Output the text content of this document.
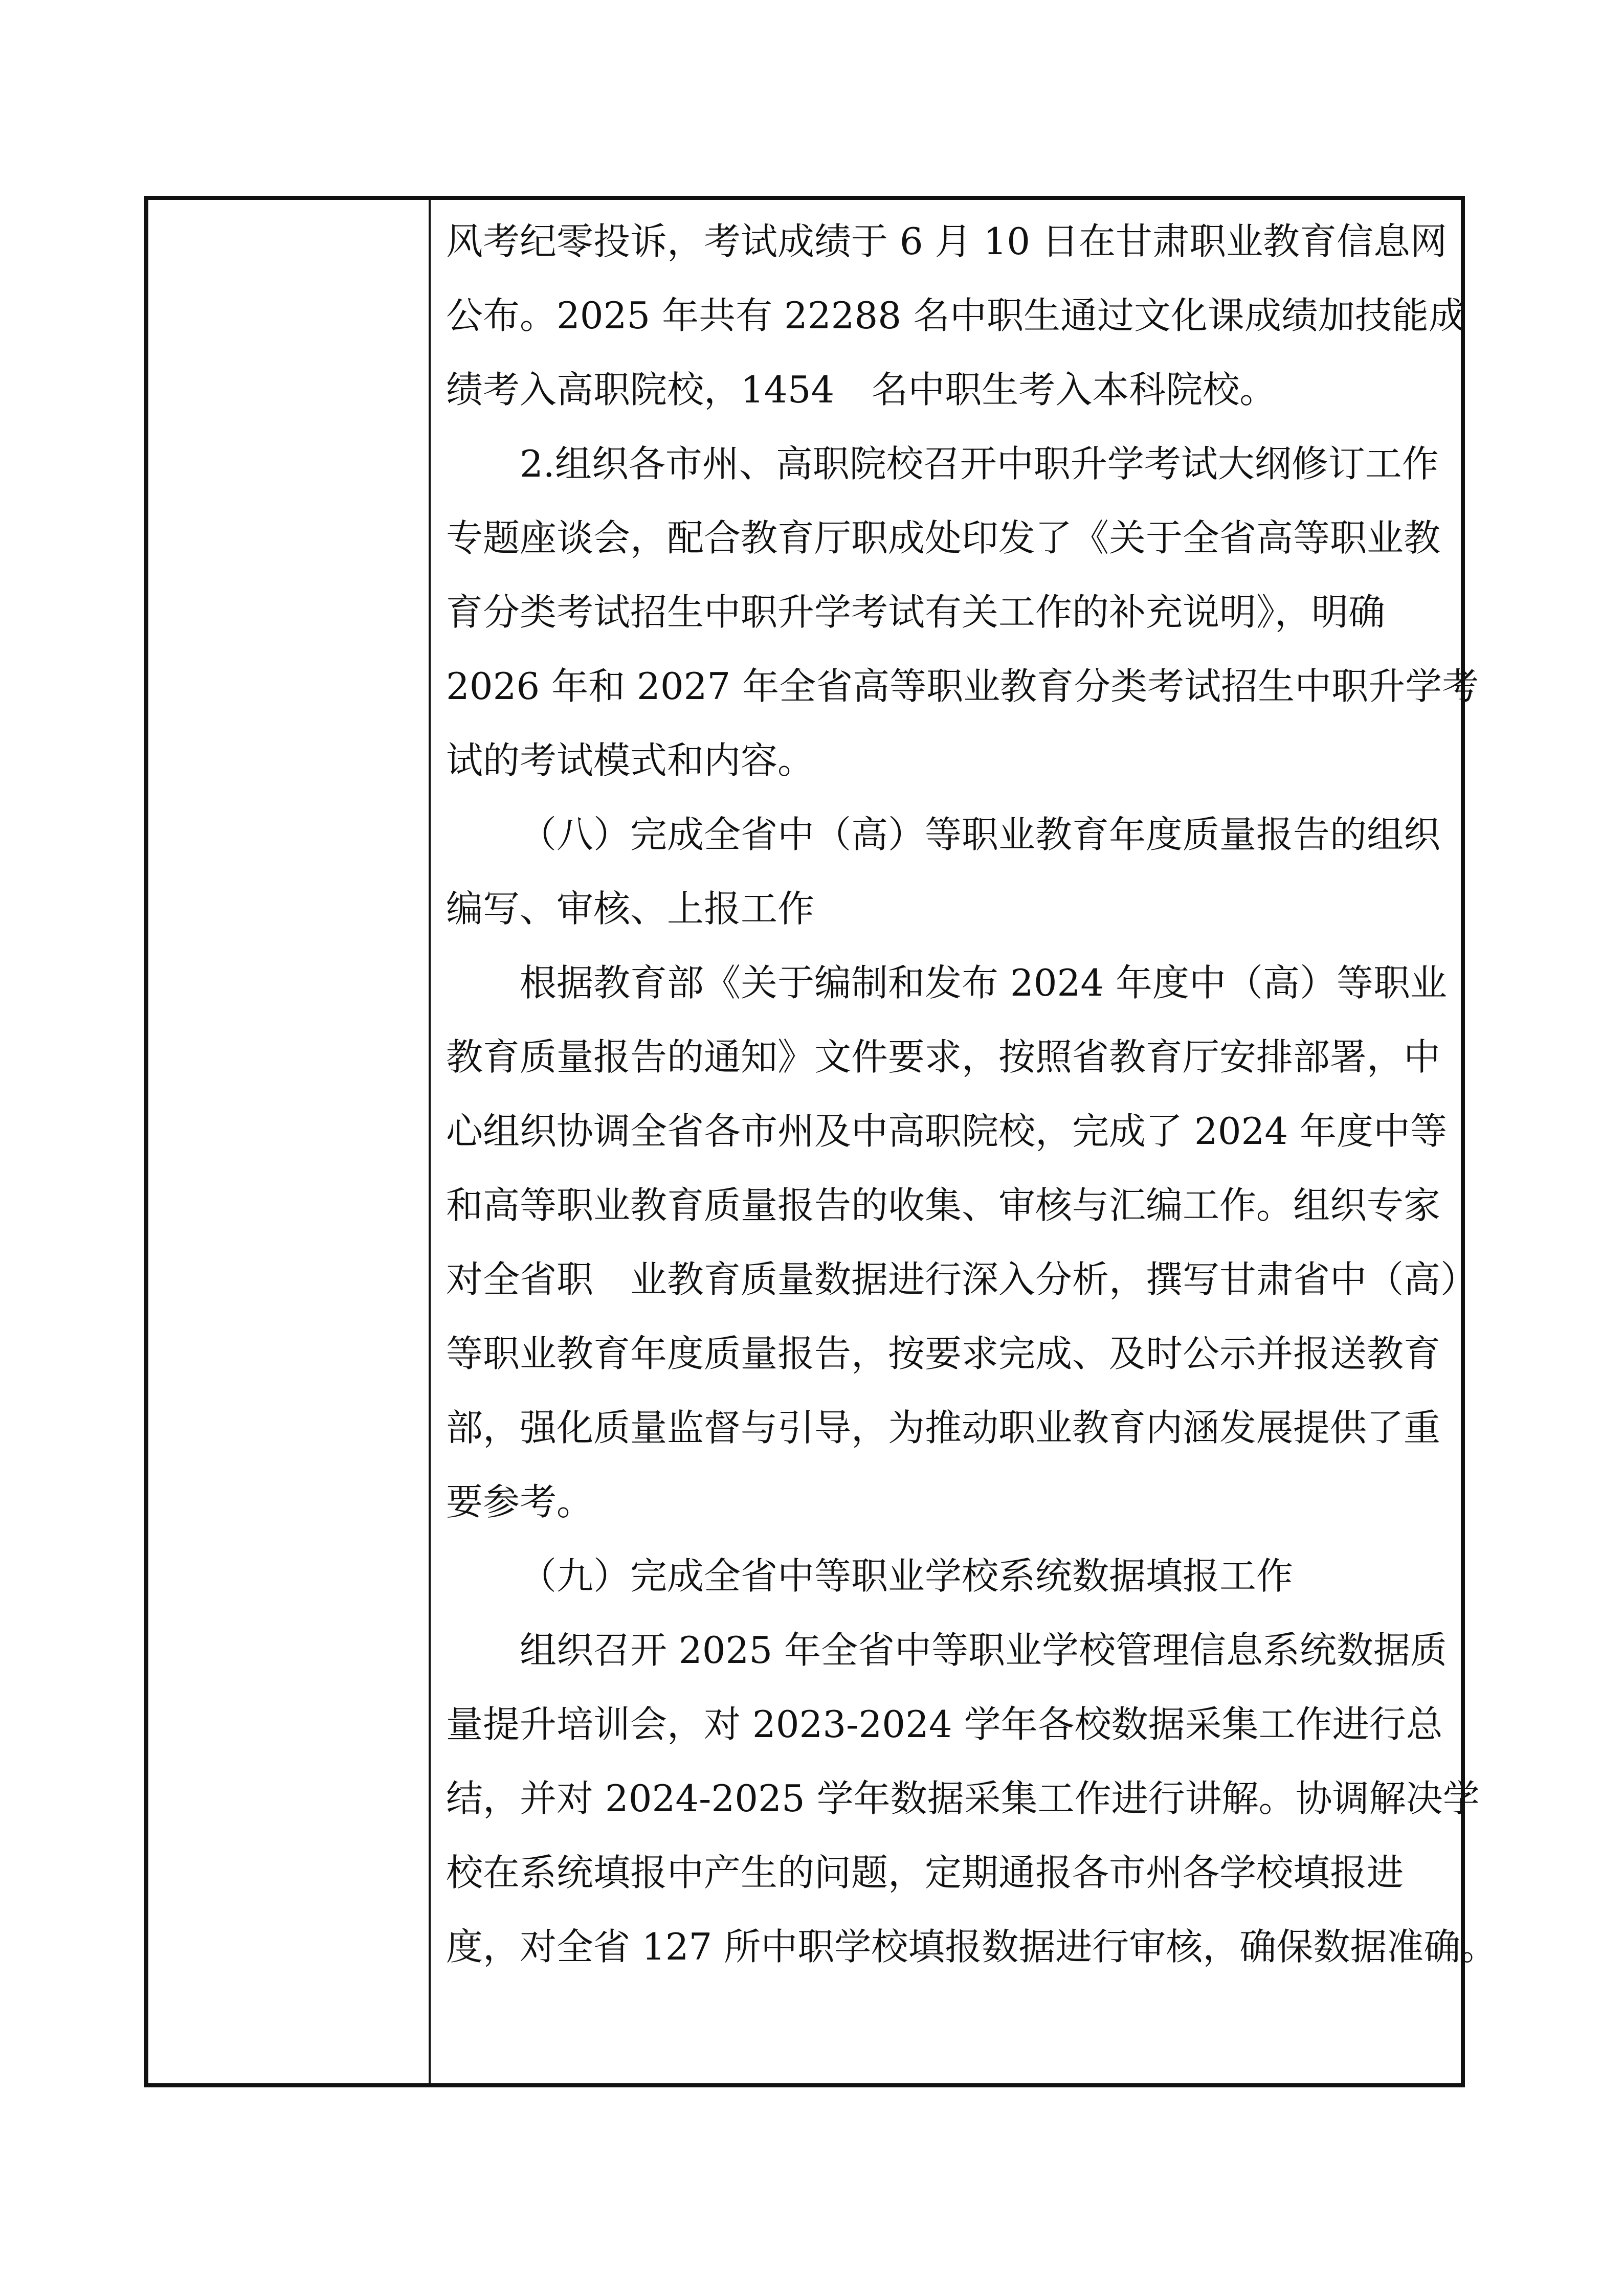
风考纪零投诉，考试成绩于 6 月 10 日在甘肃职业教育信息网
公布。2025 年共有 22288 名中职生通过文化课成绩加技能成
绩考入高职院校，1454　名中职生考入本科院校。
2.组织各市州、高职院校召开中职升学考试大纲修订工作
专题座谈会，配合教育厅职成处印发了《关于全省高等职业教
育分类考试招生中职升学考试有关工作的补充说明》，明确
2026 年和 2027 年全省高等职业教育分类考试招生中职升学考
试的考试模式和内容。
（八）完成全省中（高）等职业教育年度质量报告的组织
编写、审核、上报工作
根据教育部《关于编制和发布 2024 年度中（高）等职业
教育质量报告的通知》文件要求，按照省教育厅安排部署，中
心组织协调全省各市州及中高职院校，完成了 2024 年度中等
和高等职业教育质量报告的收集、审核与汇编工作。组织专家
对全省职　业教育质量数据进行深入分析，撰写甘肃省中（高）
等职业教育年度质量报告，按要求完成、及时公示并报送教育
部，强化质量监督与引导，为推动职业教育内涵发展提供了重
要参考。
（九）完成全省中等职业学校系统数据填报工作
组织召开 2025 年全省中等职业学校管理信息系统数据质
量提升培训会，对 2023-2024 学年各校数据采集工作进行总
结，并对 2024-2025 学年数据采集工作进行讲解。协调解决学
校在系统填报中产生的问题，定期通报各市州各学校填报进
度，对全省 127 所中职学校填报数据进行审核，确保数据准确。
